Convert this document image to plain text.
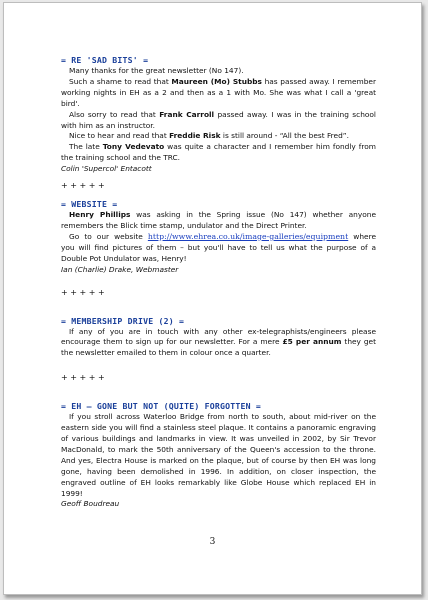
= RE 'SAD BITS' =

Many thanks for the great newsletter (No 147).

Such a shame to read that Maureen (Mo) Stubbs has passed away. I remember working nights in EH as a 2 and then as a 1 with Mo. She was what I call a 'great bird'.

Also sorry to read that Frank Carroll passed away. I was in the training school with him as an instructor.

Nice to hear and read that Freddie Risk is still around - “All the best Fred”.

The late Tony Vedevato was quite a character and I remember him fondly from the training school and the TRC.

Colin 'Supercol' Entacott

+ + + + +

= WEBSITE =

Henry Phillips was asking in the Spring issue (No 147) whether anyone remembers the Blick time stamp, undulator and the Direct Printer.

Go to our website http://www.ehrea.co.uk/image-galleries/equipment where you will find pictures of them – but you'll have to tell us what the purpose of a Double Pot Undulator was, Henry!

Ian (Charlie) Drake, Webmaster

+ + + + +

= MEMBERSHIP DRIVE (2) =

If any of you are in touch with any other ex-telegraphists/engineers please encourage them to sign up for our newsletter. For a mere £5 per annum they get the newsletter emailed to them in colour once a quarter.

+ + + + +

= EH – GONE BUT NOT (QUITE) FORGOTTEN =

If you stroll across Waterloo Bridge from north to south, about mid-river on the eastern side you will find a stainless steel plaque. It contains a panoramic engraving of various buildings and landmarks in view. It was unveiled in 2002, by Sir Trevor MacDonald, to mark the 50th anniversary of the Queen's accession to the throne. And yes, Electra House is marked on the plaque, but of course by then EH was long gone, having been demolished in 1996. In addition, on closer inspection, the engraved outline of EH looks remarkably like Globe House which replaced EH in 1999!

Geoff Boudreau

3
